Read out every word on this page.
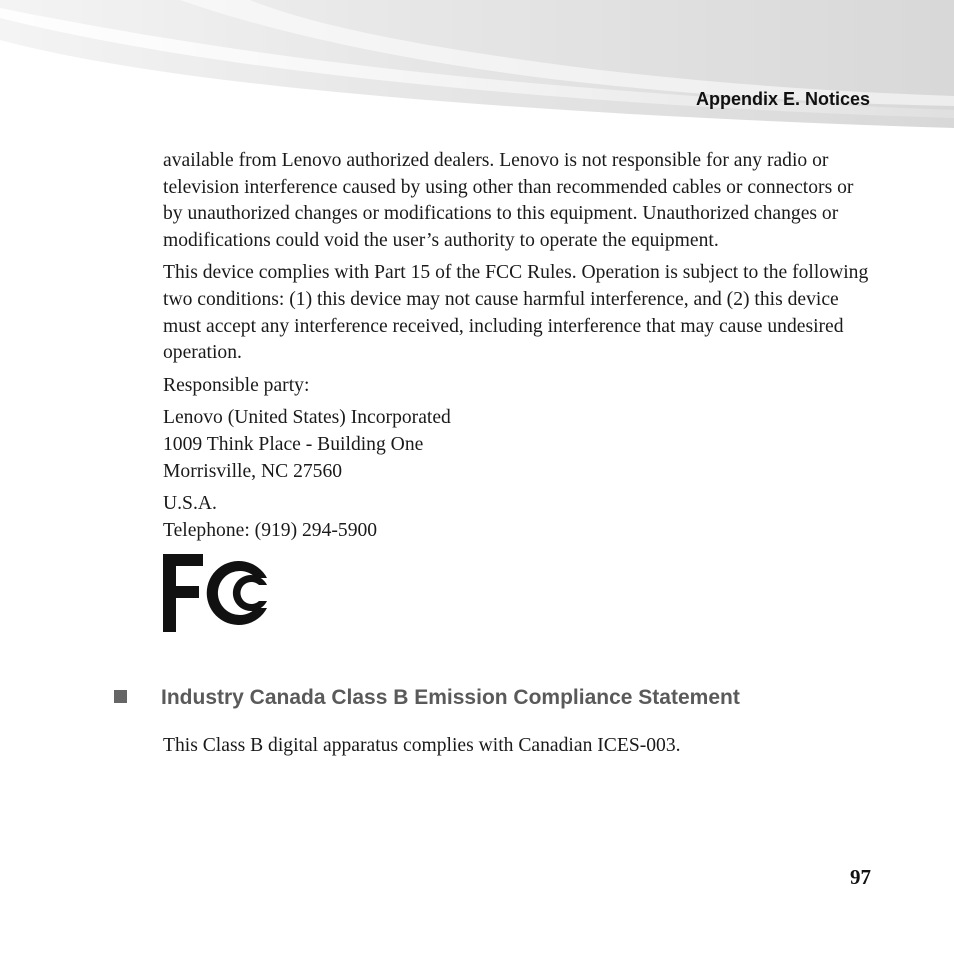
Appendix E. Notices

available from Lenovo authorized dealers. Lenovo is not responsible for any radio or television interference caused by using other than recommended cables or connectors or by unauthorized changes or modifications to this equipment. Unauthorized changes or modifications could void the user’s authority to operate the equipment.

This device complies with Part 15 of the FCC Rules. Operation is subject to the following two conditions: (1) this device may not cause harmful interference, and (2) this device must accept any interference received, including interference that may cause undesired operation.

Responsible party:

Lenovo (United States) Incorporated
1009 Think Place - Building One
Morrisville, NC 27560
U.S.A.
Telephone: (919) 294-5900
Industry Canada Class B Emission Compliance Statement

This Class B digital apparatus complies with Canadian ICES-003.

97
